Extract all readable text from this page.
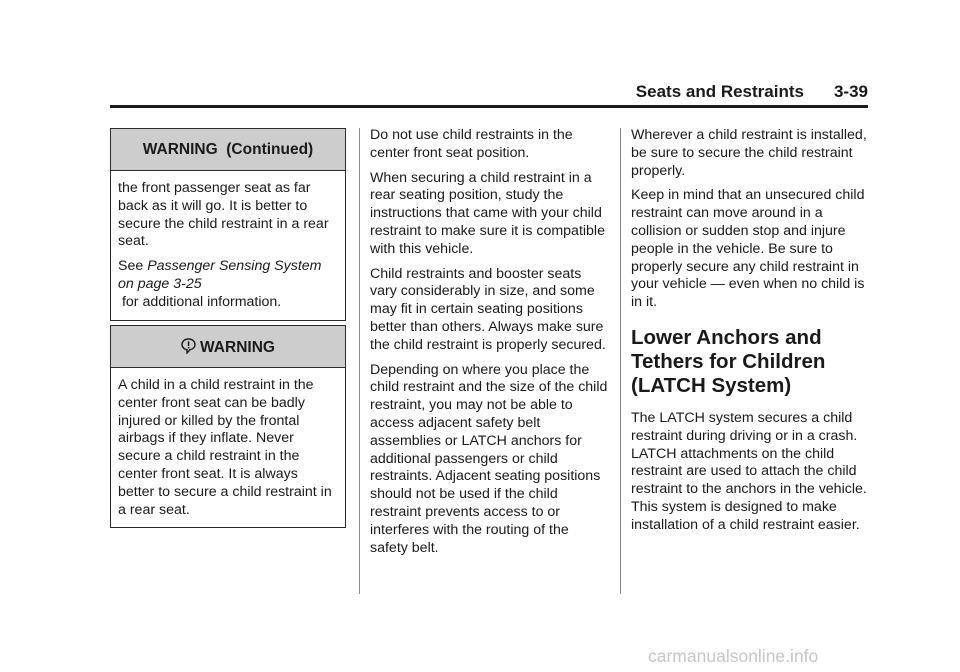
Seats and Restraints 3-39
WARNING  (Continued)

the front passenger seat as far back as it will go. It is better to secure the child restraint in a rear seat.

See Passenger Sensing System on page 3-25 for additional information.

WARNING

A child in a child restraint in the center front seat can be badly injured or killed by the frontal airbags if they inflate. Never secure a child restraint in the center front seat. It is always better to secure a child restraint in a rear seat.

Do not use child restraints in the center front seat position.

When securing a child restraint in a rear seating position, study the instructions that came with your child restraint to make sure it is compatible with this vehicle.

Child restraints and booster seats vary considerably in size, and some may fit in certain seating positions better than others. Always make sure the child restraint is properly secured.

Depending on where you place the child restraint and the size of the child restraint, you may not be able to access adjacent safety belt assemblies or LATCH anchors for additional passengers or child restraints. Adjacent seating positions should not be used if the child restraint prevents access to or interferes with the routing of the safety belt.

Wherever a child restraint is installed, be sure to secure the child restraint properly.

Keep in mind that an unsecured child restraint can move around in a collision or sudden stop and injure people in the vehicle. Be sure to properly secure any child restraint in your vehicle — even when no child is in it.

Lower Anchors and Tethers for Children (LATCH System)

The LATCH system secures a child restraint during driving or in a crash. LATCH attachments on the child restraint are used to attach the child restraint to the anchors in the vehicle. This system is designed to make installation of a child restraint easier.

carmanualsonline.info
